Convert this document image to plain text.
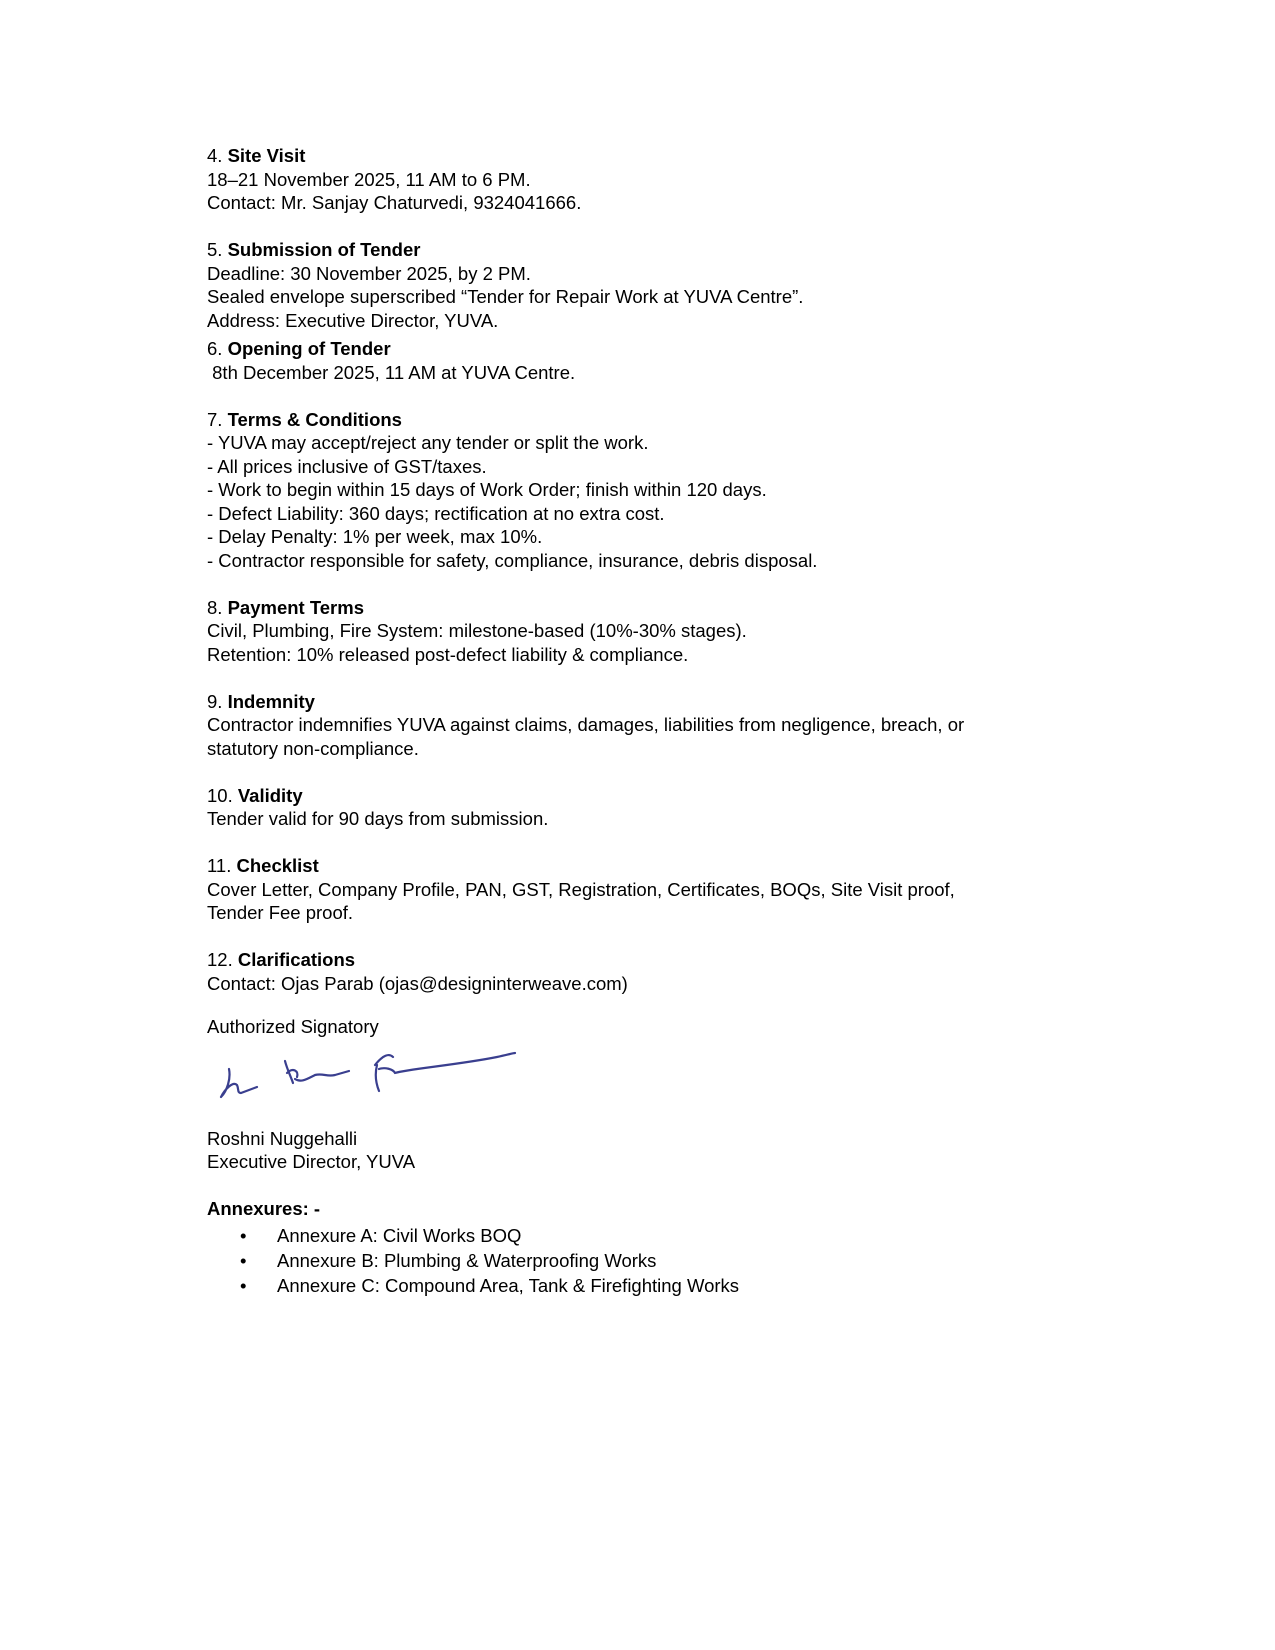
4. Site Visit
18–21 November 2025, 11 AM to 6 PM.
Contact: Mr. Sanjay Chaturvedi, 9324041666.
5. Submission of Tender
Deadline: 30 November 2025, by 2 PM.
Sealed envelope superscribed “Tender for Repair Work at YUVA Centre”.
Address: Executive Director, YUVA.
6. Opening of Tender
8th December 2025, 11 AM at YUVA Centre.
7. Terms & Conditions
- YUVA may accept/reject any tender or split the work.
- All prices inclusive of GST/taxes.
- Work to begin within 15 days of Work Order; finish within 120 days.
- Defect Liability: 360 days; rectification at no extra cost.
- Delay Penalty: 1% per week, max 10%.
- Contractor responsible for safety, compliance, insurance, debris disposal.
8. Payment Terms
Civil, Plumbing, Fire System: milestone-based (10%-30% stages).
Retention: 10% released post-defect liability & compliance.
9. Indemnity
Contractor indemnifies YUVA against claims, damages, liabilities from negligence, breach, or
statutory non-compliance.
10. Validity
Tender valid for 90 days from submission.
11. Checklist
Cover Letter, Company Profile, PAN, GST, Registration, Certificates, BOQs, Site Visit proof,
Tender Fee proof.
12. Clarifications
Contact: Ojas Parab (ojas@designinterweave.com)
Authorized Signatory
Roshni Nuggehalli
Executive Director, YUVA
Annexures: -
• Annexure A: Civil Works BOQ
• Annexure B: Plumbing & Waterproofing Works
• Annexure C: Compound Area, Tank & Firefighting Works
